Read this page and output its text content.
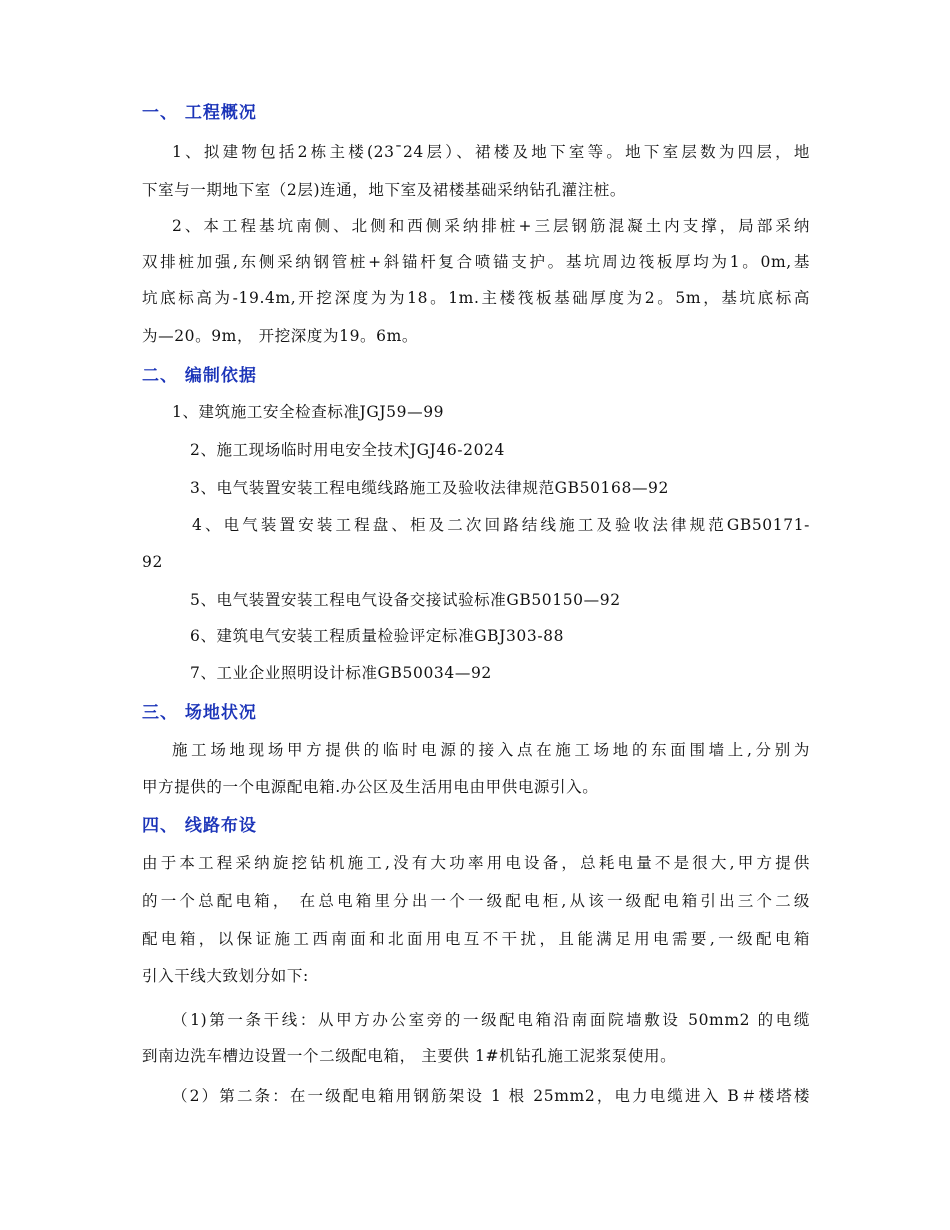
一、 工程概况
1、拟建物包括2栋主楼(23¯24层）、裙楼及地下室等。地下室层数为四层，地
下室与一期地下室（2层)连通，地下室及裙楼基础采纳钻孔灌注桩。
2、本工程基坑南侧、北侧和西侧采纳排桩+三层钢筋混凝土内支撑，局部采纳
双排桩加强,东侧采纳钢管桩+斜锚杆复合喷锚支护。基坑周边筏板厚均为1。0m,基
坑底标高为-19.4m,开挖深度为为18。1m.主楼筏板基础厚度为2。5m，基坑底标高
为—20。9m， 开挖深度为19。6m。
二、 编制依据
1、建筑施工安全检查标准JGJ59—99
2、施工现场临时用电安全技术JGJ46-2024
3、电气装置安装工程电缆线路施工及验收法律规范GB50168—92
4、电气装置安装工程盘、柜及二次回路结线施工及验收法律规范GB50171-
92
5、电气装置安装工程电气设备交接试验标准GB50150—92
6、建筑电气安装工程质量检验评定标准GBJ303-88
7、工业企业照明设计标准GB50034—92
三、 场地状况
施工场地现场甲方提供的临时电源的接入点在施工场地的东面围墙上,分别为
甲方提供的一个电源配电箱.办公区及生活用电由甲供电源引入。
四、 线路布设
由于本工程采纳旋挖钻机施工,没有大功率用电设备，总耗电量不是很大,甲方提供
的一个总配电箱， 在总电箱里分出一个一级配电柜,从该一级配电箱引出三个二级
配电箱，以保证施工西南面和北面用电互不干扰，且能满足用电需要,一级配电箱
引入干线大致划分如下:
（1)第一条干线：从甲方办公室旁的一级配电箱沿南面院墙敷设 50mm2 的电缆
到南边洗车槽边设置一个二级配电箱， 主要供 1#机钻孔施工泥浆泵使用。
（2）第二条：在一级配电箱用钢筋架设 1 根 25mm2，电力电缆进入 B＃楼塔楼
